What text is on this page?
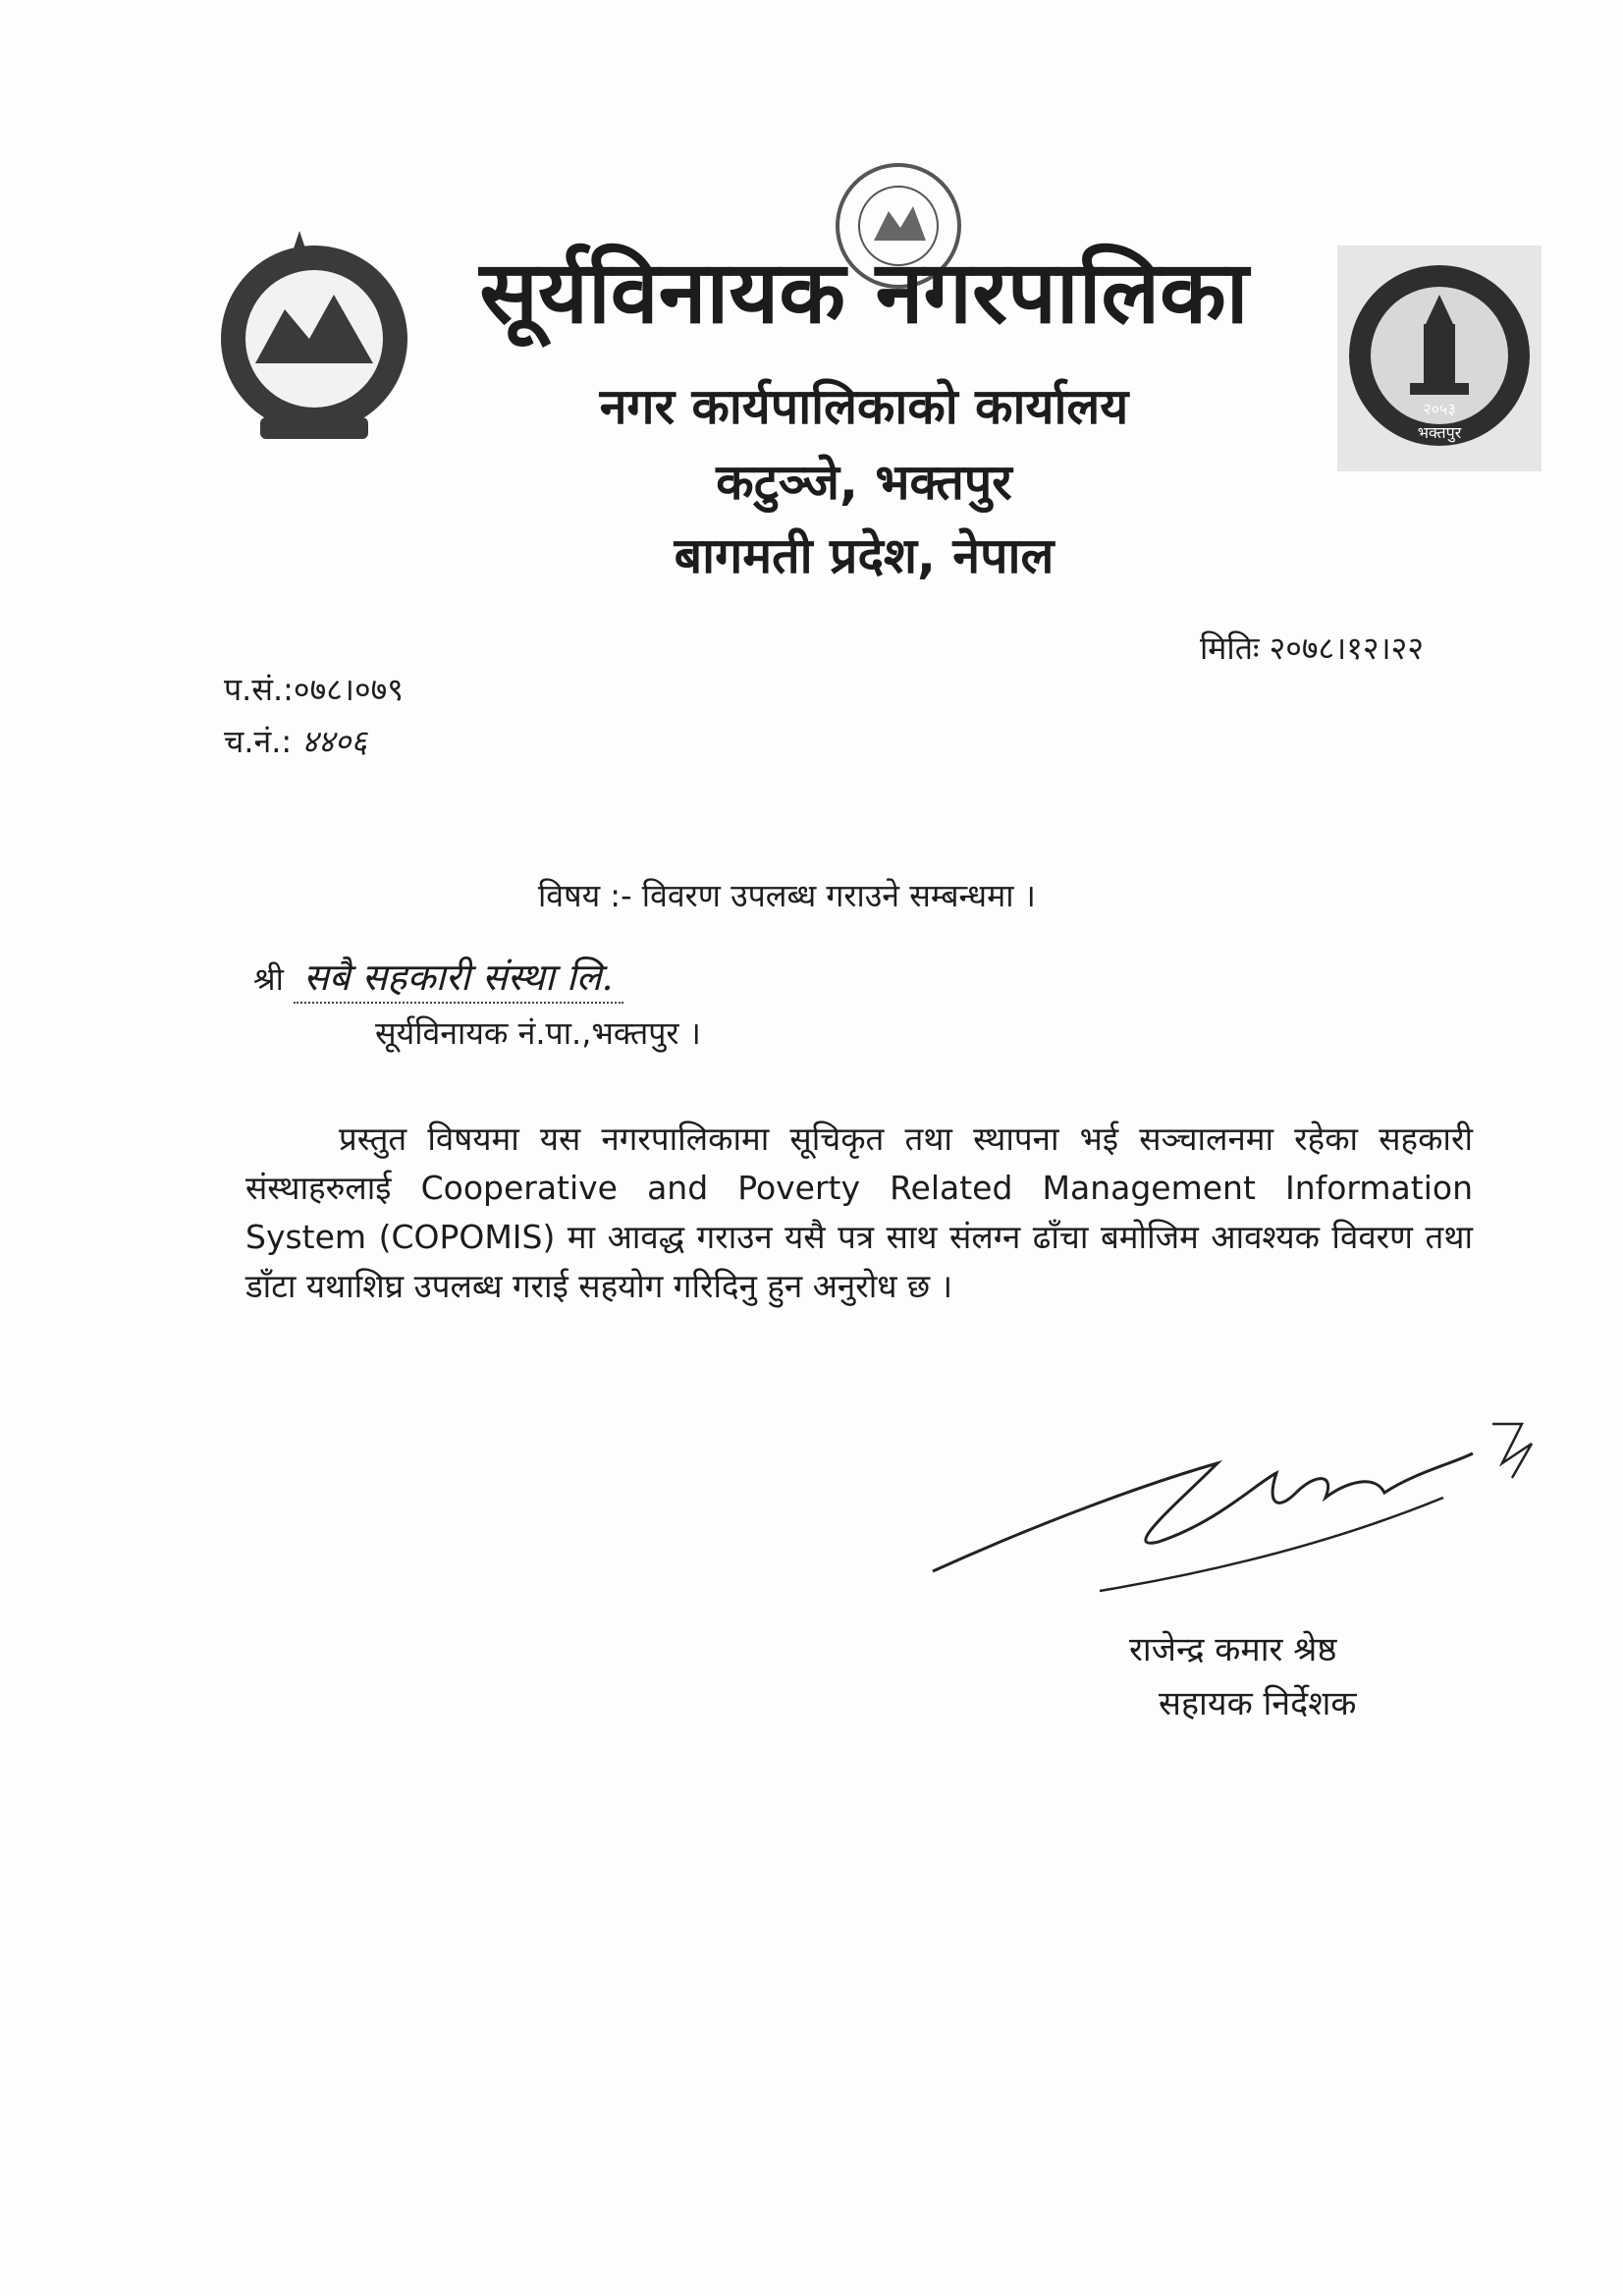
सूर्यविनायक नगरपालिका
नगर कार्यपालिकाको कार्यालय
कटुञ्जे, भक्तपुर
बागमती प्रदेश, नेपाल
२०५३
भक्तपुर
मितिः २०७८।१२।२२
प.सं.:०७८।०७९
च.नं.: ४४०६
विषय :- विवरण उपलब्ध गराउने सम्बन्धमा ।
श्री सबै सहकारी संस्था लि.
सूर्यविनायक नं.पा.,भक्तपुर ।

प्रस्तुत विषयमा यस नगरपालिकामा सूचिकृत तथा स्थापना भई सञ्चालनमा रहेका सहकारी संस्थाहरुलाई Cooperative and Poverty Related Management Information System (COPOMIS) मा आवद्ध गराउन यसै पत्र साथ संलग्न ढाँचा बमोजिम आवश्यक विवरण तथा डाँटा यथाशिघ्र उपलब्ध गराई सहयोग गरिदिनु हुन अनुरोध छ ।

राजेन्द्र कमार श्रेष्ठ
सहायक निर्देशक
